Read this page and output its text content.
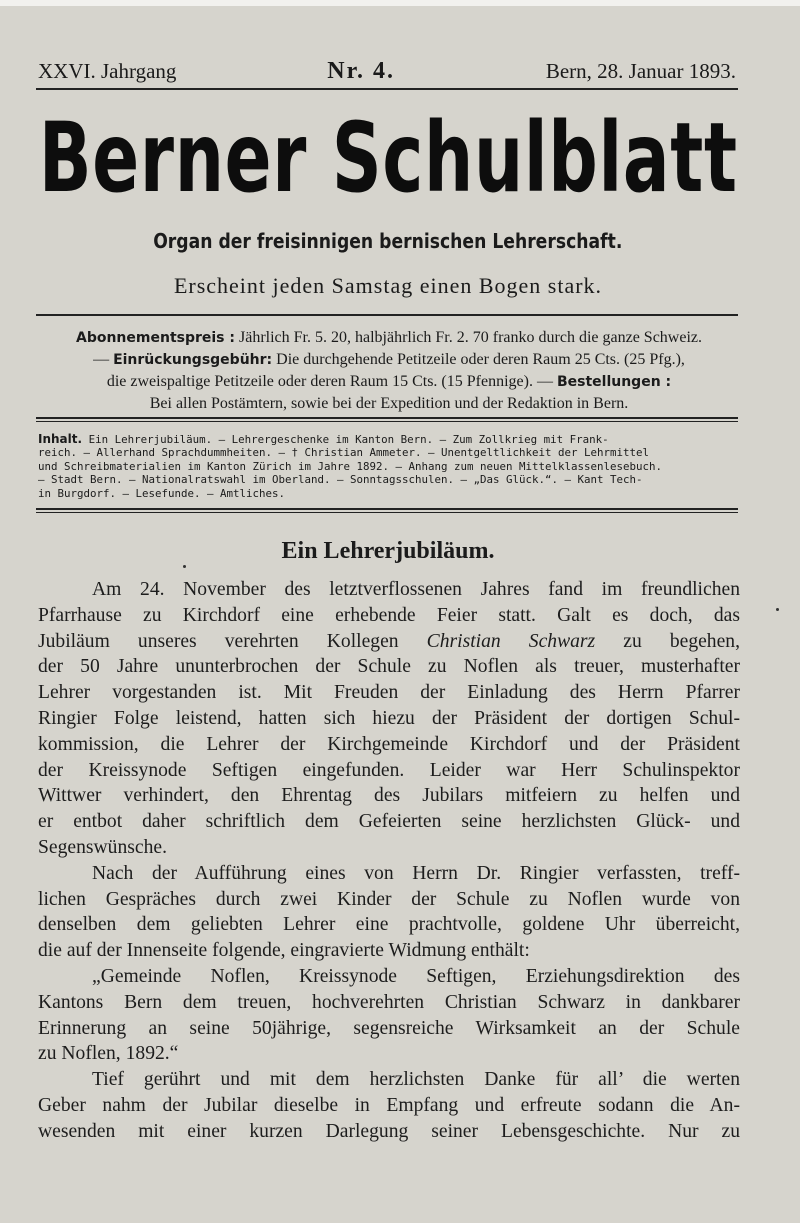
XXVI. Jahrgang	Nr. 4.	Bern, 28. Januar 1893.
Berner Schulblatt
Organ der freisinnigen bernischen Lehrerschaft.
Erscheint jeden Samstag einen Bogen stark.
Abonnementspreis : Jährlich Fr. 5. 20, halbjährlich Fr. 2. 70 franko durch die ganze Schweiz.
— Einrückungsgebühr: Die durchgehende Petitzeile oder deren Raum 25 Cts. (25 Pfg.),
die zweispaltige Petitzeile oder deren Raum 15 Cts. (15 Pfennige). — Bestellungen :
Bei allen Postämtern, sowie bei der Expedition und der Redaktion in Bern.
Inhalt. Ein Lehrerjubiläum. — Lehrergeschenke im Kanton Bern. — Zum Zollkrieg mit Frank-
reich. — Allerhand Sprachdummheiten. — † Christian Ammeter. — Unentgeltlichkeit der Lehrmittel
und Schreibmaterialien im Kanton Zürich im Jahre 1892. — Anhang zum neuen Mittelklassenlesebuch.
— Stadt Bern. — Nationalratswahl im Oberland. — Sonntagsschulen. — „Das Glück.“. — Kant Tech-
in Burgdorf. — Lesefunde. — Amtliches.
Ein Lehrerjubiläum.
Am 24. November des letztverflossenen Jahres fand im freundlichen
Pfarrhause zu Kirchdorf eine erhebende Feier statt. Galt es doch, das
Jubiläum unseres verehrten Kollegen Christian Schwarz zu begehen,
der 50 Jahre ununterbrochen der Schule zu Noflen als treuer, musterhafter
Lehrer vorgestanden ist. Mit Freuden der Einladung des Herrn Pfarrer
Ringier Folge leistend, hatten sich hiezu der Präsident der dortigen Schul-
kommission, die Lehrer der Kirchgemeinde Kirchdorf und der Präsident
der Kreissynode Seftigen eingefunden. Leider war Herr Schulinspektor
Wittwer verhindert, den Ehrentag des Jubilars mitfeiern zu helfen und
er entbot daher schriftlich dem Gefeierten seine herzlichsten Glück- und
Segenswünsche.
Nach der Aufführung eines von Herrn Dr. Ringier verfassten, treff-
lichen Gespräches durch zwei Kinder der Schule zu Noflen wurde von
denselben dem geliebten Lehrer eine prachtvolle, goldene Uhr überreicht,
die auf der Innenseite folgende, eingravierte Widmung enthält:
„Gemeinde Noflen, Kreissynode Seftigen, Erziehungsdirektion des
Kantons Bern dem treuen, hochverehrten Christian Schwarz in dankbarer
Erinnerung an seine 50jährige, segensreiche Wirksamkeit an der Schule
zu Noflen, 1892.“
Tief gerührt und mit dem herzlichsten Danke für all’ die werten
Geber nahm der Jubilar dieselbe in Empfang und erfreute sodann die An-
wesenden mit einer kurzen Darlegung seiner Lebensgeschichte. Nur zu
